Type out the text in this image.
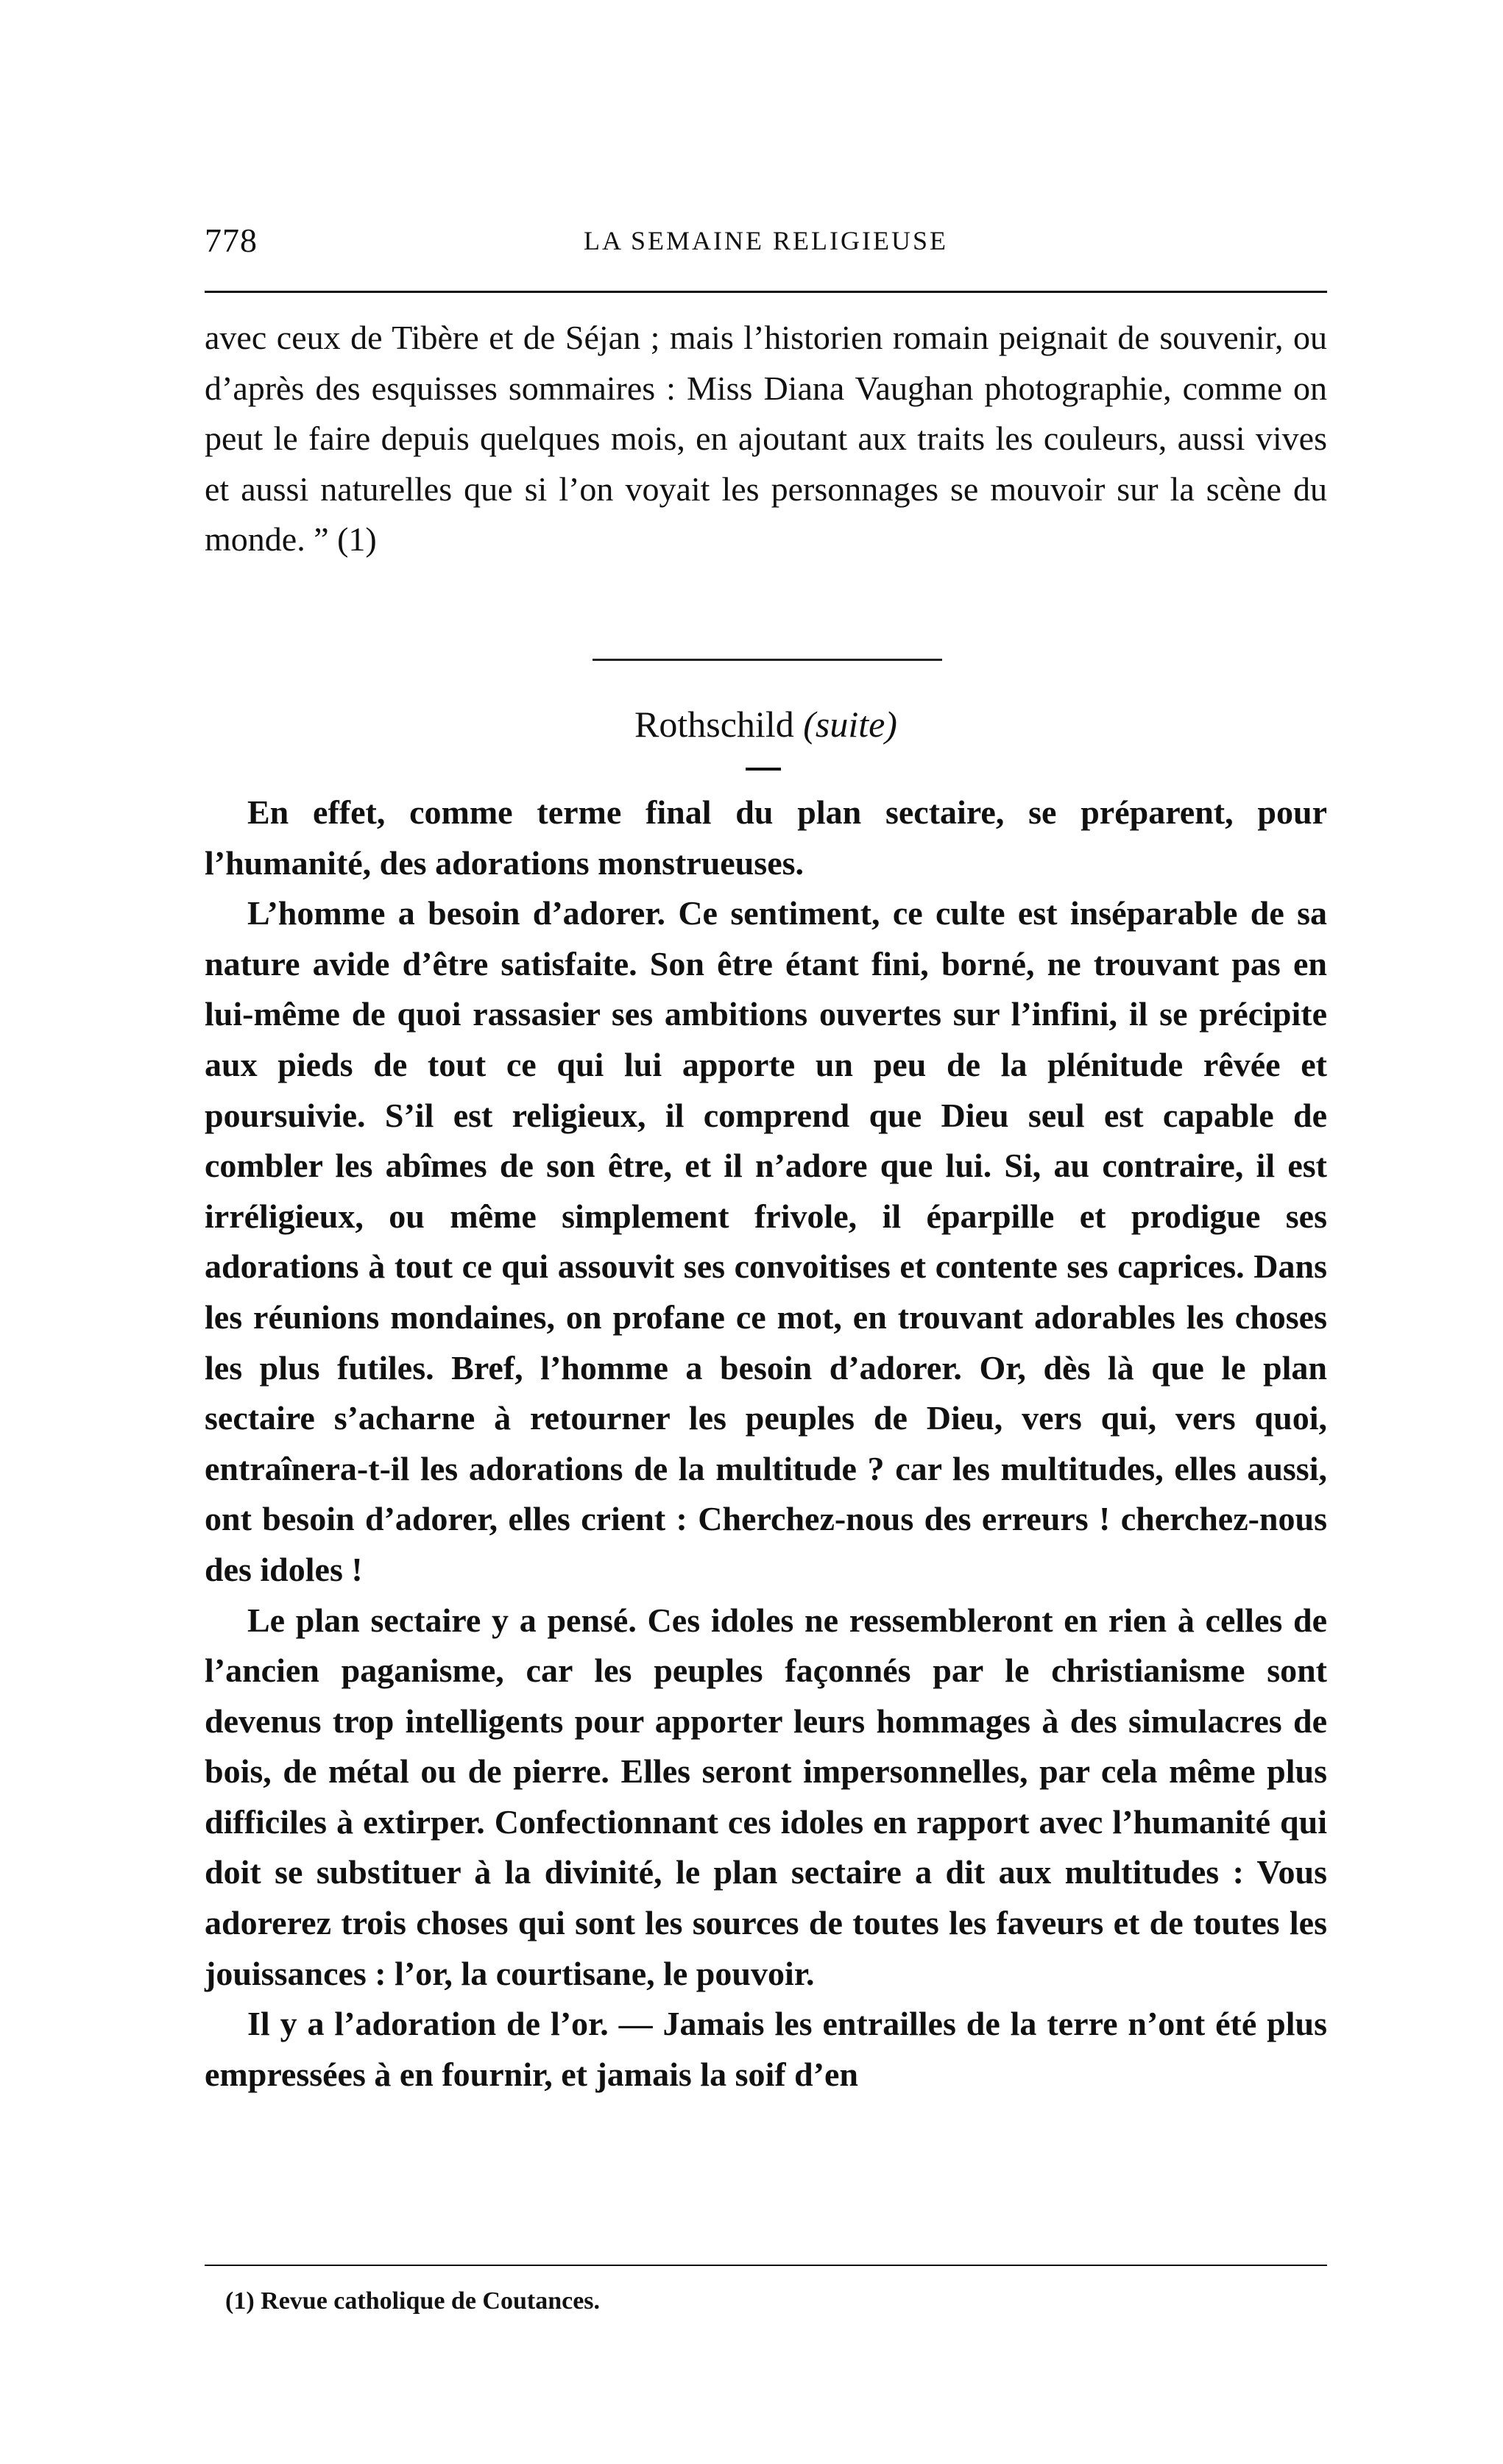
778	LA SEMAINE RELIGIEUSE

avec ceux de Tibère et de Séjan ; mais l’historien romain peignait de souvenir, ou d’après des esquisses sommaires : Miss Diana Vaughan photographie, comme on peut le faire depuis quelques mois, en ajoutant aux traits les couleurs, aussi vives et aussi naturelles que si l’on voyait les personnages se mouvoir sur la scène du monde. ” (1)

Rothschild (suite)

En effet, comme terme final du plan sectaire, se préparent, pour l’humanité, des adorations monstrueuses.

L’homme a besoin d’adorer. Ce sentiment, ce culte est inséparable de sa nature avide d’être satisfaite. Son être étant fini, borné, ne trouvant pas en lui-même de quoi rassasier ses ambitions ouvertes sur l’infini, il se précipite aux pieds de tout ce qui lui apporte un peu de la plénitude rêvée et poursuivie. S’il est religieux, il comprend que Dieu seul est capable de combler les abîmes de son être, et il n’adore que lui. Si, au contraire, il est irréligieux, ou même simplement frivole, il éparpille et prodigue ses adorations à tout ce qui assouvit ses convoitises et contente ses caprices. Dans les réunions mondaines, on profane ce mot, en trouvant adorables les choses les plus futiles. Bref, l’homme a besoin d’adorer. Or, dès là que le plan sectaire s’acharne à retourner les peuples de Dieu, vers qui, vers quoi, entraînera-t-il les adorations de la multitude ? car les multitudes, elles aussi, ont besoin d’adorer, elles crient : Cherchez-nous des erreurs ! cherchez-nous des idoles !

Le plan sectaire y a pensé. Ces idoles ne ressembleront en rien à celles de l’ancien paganisme, car les peuples façonnés par le christianisme sont devenus trop intelligents pour apporter leurs hommages à des simulacres de bois, de métal ou de pierre. Elles seront impersonnelles, par cela même plus difficiles à extirper. Confectionnant ces idoles en rapport avec l’humanité qui doit se substituer à la divinité, le plan sectaire a dit aux multitudes : Vous adorerez trois choses qui sont les sources de toutes les faveurs et de toutes les jouissances : l’or, la courtisane, le pouvoir.

Il y a l’adoration de l’or. — Jamais les entrailles de la terre n’ont été plus empressées à en fournir, et jamais la soif d’en

(1) Revue catholique de Coutances.
